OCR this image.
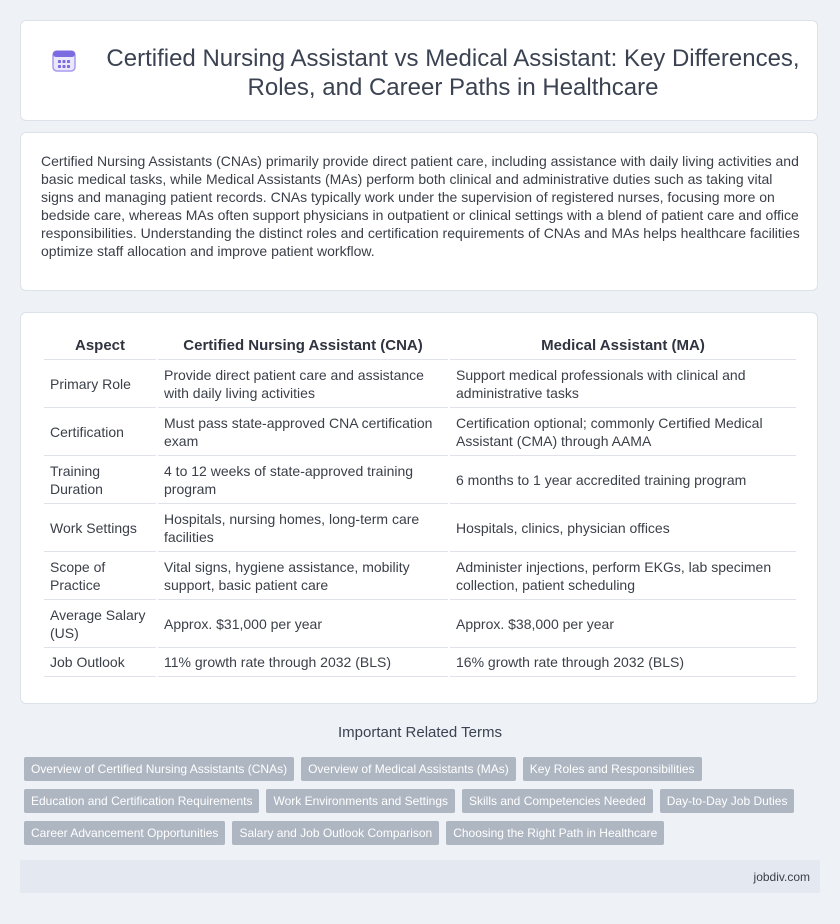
Certified Nursing Assistant vs Medical Assistant: Key Differences, Roles, and Career Paths in Healthcare

Certified Nursing Assistants (CNAs) primarily provide direct patient care, including assistance with daily living activities and basic medical tasks, while Medical Assistants (MAs) perform both clinical and administrative duties such as taking vital signs and managing patient records. CNAs typically work under the supervision of registered nurses, focusing more on bedside care, whereas MAs often support physicians in outpatient or clinical settings with a blend of patient care and office responsibilities. Understanding the distinct roles and certification requirements of CNAs and MAs helps healthcare facilities optimize staff allocation and improve patient workflow.

Aspect	Certified Nursing Assistant (CNA)	Medical Assistant (MA)
Primary Role	Provide direct patient care and assistance with daily living activities	Support medical professionals with clinical and administrative tasks
Certification	Must pass state-approved CNA certification exam	Certification optional; commonly Certified Medical Assistant (CMA) through AAMA
Training Duration	4 to 12 weeks of state-approved training program	6 months to 1 year accredited training program
Work Settings	Hospitals, nursing homes, long-term care facilities	Hospitals, clinics, physician offices
Scope of Practice	Vital signs, hygiene assistance, mobility support, basic patient care	Administer injections, perform EKGs, lab specimen collection, patient scheduling
Average Salary (US)	Approx. $31,000 per year	Approx. $38,000 per year
Job Outlook	11% growth rate through 2032 (BLS)	16% growth rate through 2032 (BLS)
Important Related Terms
Overview of Certified Nursing Assistants (CNAs)	Overview of Medical Assistants (MAs)	Key Roles and Responsibilities
Education and Certification Requirements	Work Environments and Settings	Skills and Competencies Needed	Day-to-Day Job Duties
Career Advancement Opportunities	Salary and Job Outlook Comparison	Choosing the Right Path in Healthcare
jobdiv.com
